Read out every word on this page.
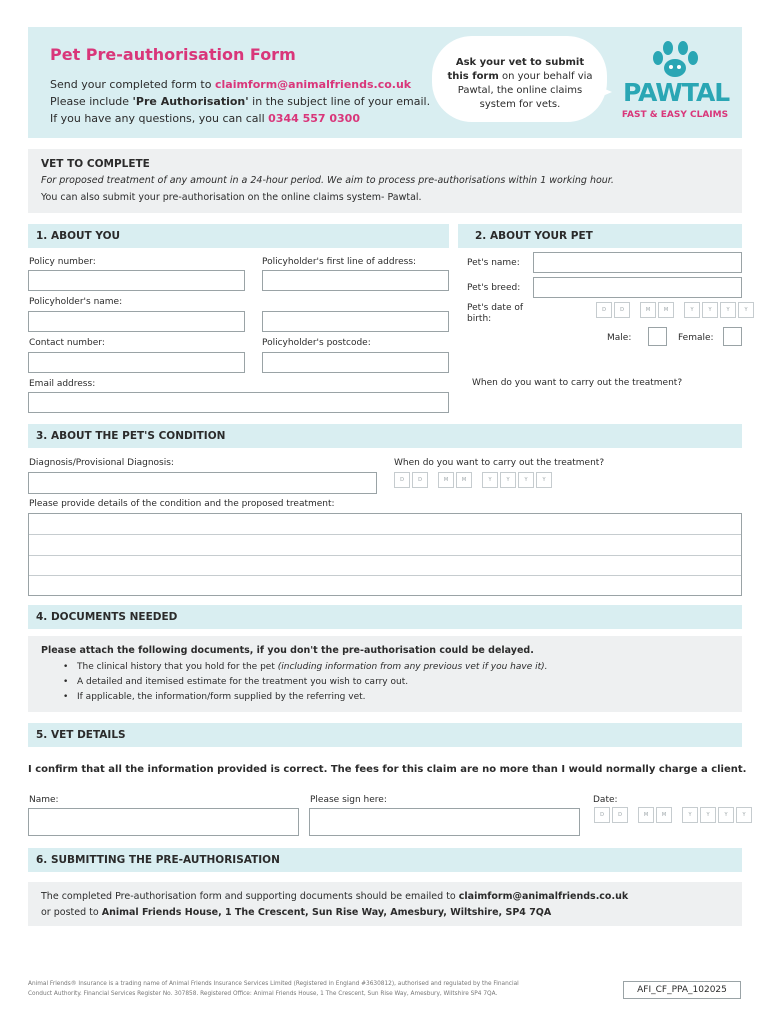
Pet Pre-authorisation Form
Send your completed form to claimform@animalfriends.co.uk
Please include 'Pre Authorisation' in the subject line of your email.
If you have any questions, you can call 0344 557 0300
Ask your vet to submit this form on your behalf via Pawtal, the online claims system for vets.	PAWTAL
FAST & EASY CLAIMS
VET TO COMPLETE
For proposed treatment of any amount in a 24-hour period. We aim to process pre-authorisations within 1 working hour.
You can also submit your pre-authorisation on the online claims system- Pawtal.
1. ABOUT YOU	2. ABOUT YOUR PET
Policy number:	Policyholder's first line of address:
Policyholder's name:
Contact number:	Policyholder's postcode:
Email address:
Pet's name:
Pet's breed:
Pet's date of birth:
D	D	M	M	Y	Y	Y	Y
Male:	Female:
When do you want to carry out the treatment?
3. ABOUT THE PET'S CONDITION
Diagnosis/Provisional Diagnosis:	When do you want to carry out the treatment?
D	D	M	M	Y	Y	Y	Y
Please provide details of the condition and the proposed treatment:
4. DOCUMENTS NEEDED
Please attach the following documents, if you don't the pre-authorisation could be delayed.
• The clinical history that you hold for the pet (including information from any previous vet if you have it).
• A detailed and itemised estimate for the treatment you wish to carry out.
• If applicable, the information/form supplied by the referring vet.
5. VET DETAILS
I confirm that all the information provided is correct. The fees for this claim are no more than I would normally charge a client.
Name:	Please sign here:	Date:
D	D	M	M	Y	Y	Y	Y
6. SUBMITTING THE PRE-AUTHORISATION
The completed Pre-authorisation form and supporting documents should be emailed to claimform@animalfriends.co.uk
or posted to Animal Friends House, 1 The Crescent, Sun Rise Way, Amesbury, Wiltshire, SP4 7QA
Animal Friends® Insurance is a trading name of Animal Friends Insurance Services Limited (Registered in England #3630812), authorised and regulated by the Financial
Conduct Authority. Financial Services Register No. 307858. Registered Office: Animal Friends House, 1 The Crescent, Sun Rise Way, Amesbury, Wiltshire SP4 7QA.	AFI_CF_PPA_102025
